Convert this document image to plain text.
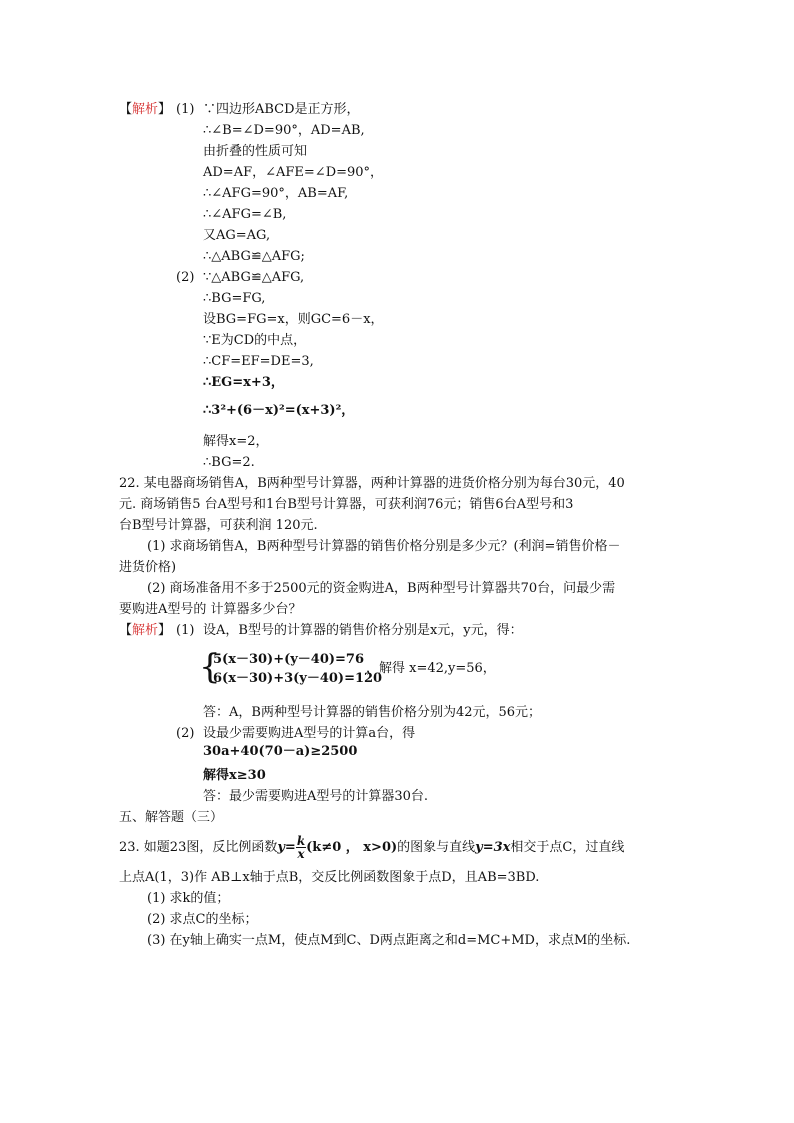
【解析】 (1) ∵四边形ABCD是正方形，
∴∠B=∠D=90°，AD=AB,
由折叠的性质可知
AD=AF，∠AFE=∠D=90°，
∴∠AFG=90°，AB=AF,
∴∠AFG=∠B,
又AG=AG,
∴△ABG≌△AFG;
(2) ∵△ABG≌△AFG,
∴BG=FG,
设BG=FG=x，则GC=6－x，
∵E为CD的中点，
∴CF=EF=DE=3,
∴EG=x+3，
∴3²+(6－x)²=(x+3)²，
解得x=2，
∴BG=2.
22. 某电器商场销售A，B两种型号计算器，两种计算器的进货价格分别为每台30元，40
元. 商场销售5 台A型号和1台B型号计算器，可获利润76元；销售6台A型号和3
台B型号计算器，可获利润 120元.
(1) 求商场销售A，B两种型号计算器的销售价格分别是多少元？(利润=销售价格－
进货价格)
(2) 商场准备用不多于2500元的资金购进A，B两种型号计算器共70台，问最少需
要购进A型号的 计算器多少台？
【解析】 (1) 设A，B型号的计算器的销售价格分别是x元，y元，得：
{
5(x－30)+(y－40)=76
6(x－30)+3(y－40)=120
，解得 x=42,y=56，
答：A，B两种型号计算器的销售价格分别为42元，56元；
(2) 设最少需要购进A型号的计算a台，得
30a+40(70－a)≥2500
解得x≥30
答：最少需要购进A型号的计算器30台.
五、解答题（三）
23. 如题23图，反比例函数$y= \frac{k}{x} (k\ne 0$ ， x>0)的图象与直线y=3x相交于点C，过直线
上点A(1，3)作 AB⊥x轴于点B，交反比例函数图象于点D，且AB=3BD.
(1) 求k的值；
(2) 求点C的坐标；
(3) 在y轴上确实一点M，使点M到C、D两点距离之和d=MC+MD，求点M的坐标.
